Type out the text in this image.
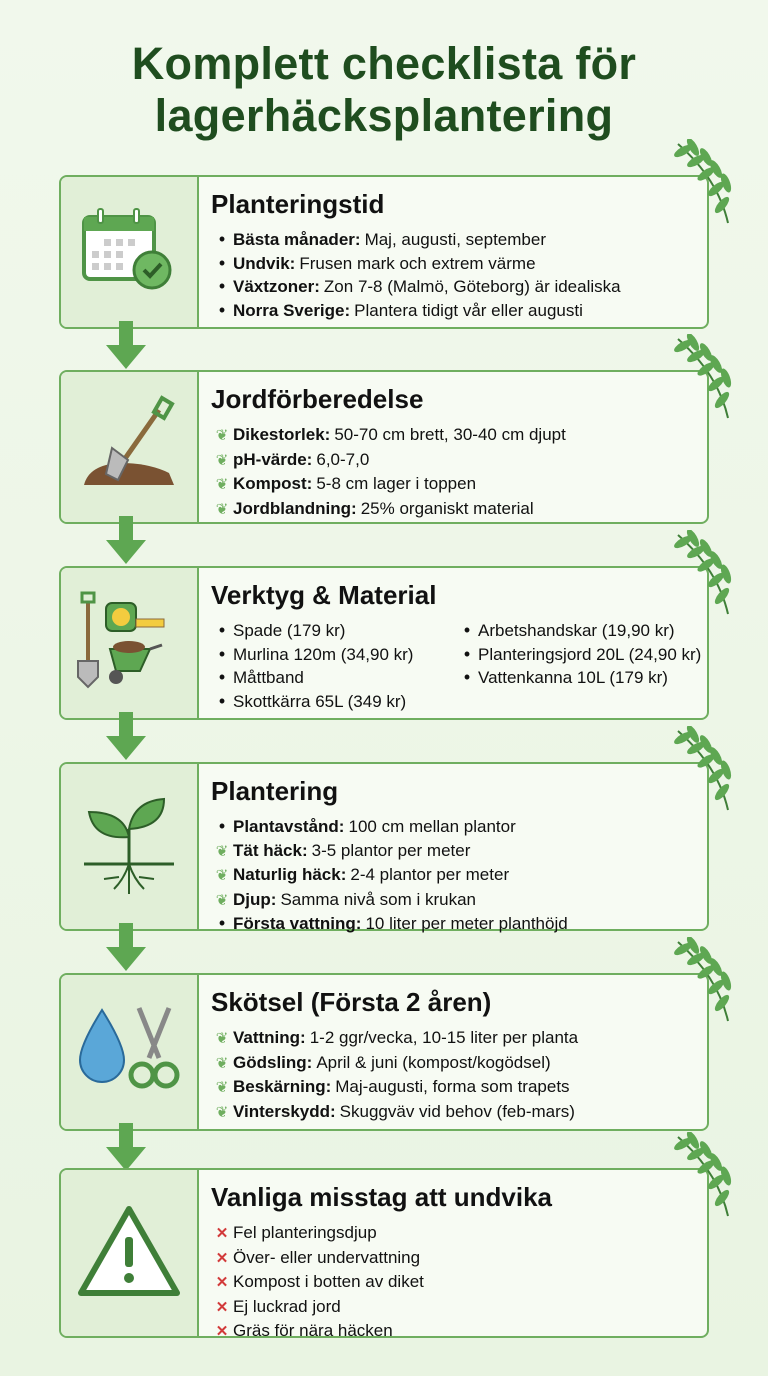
Komplett checklista för lagerhäcksplantering
Planteringstid
• Bästa månader: Maj, augusti, september
• Undvik: Frusen mark och extrem värme
• Växtzoner: Zon 7-8 (Malmö, Göteborg) är idealiska
• Norra Sverige: Plantera tidigt vår eller augusti
Jordförberedelse
❦ Dikestorlek: 50-70 cm brett, 30-40 cm djupt
❦ pH-värde: 6,0-7,0
❦ Kompost: 5-8 cm lager i toppen
❦ Jordblandning: 25% organiskt material
Verktyg & Material
• Spade (179 kr)
• Murlina 120m (34,90 kr)
• Måttband
• Skottkärra 65L (349 kr)
• Arbetshandskar (19,90 kr)
• Planteringsjord 20L (24,90 kr)
• Vattenkanna 10L (179 kr)
Plantering
• Plantavstånd: 100 cm mellan plantor
❦ Tät häck: 3-5 plantor per meter
❦ Naturlig häck: 2-4 plantor per meter
❦ Djup: Samma nivå som i krukan
• Första vattning: 10 liter per meter planthöjd
Skötsel (Första 2 åren)
❦ Vattning: 1-2 ggr/vecka, 10-15 liter per planta
❦ Gödsling: April & juni (kompost/kogödsel)
❦ Beskärning: Maj-augusti, forma som trapets
❦ Vinterskydd: Skuggväv vid behov (feb-mars)
Vanliga misstag att undvika
✕ Fel planteringsdjup
✕ Över- eller undervattning
✕ Kompost i botten av diket
✕ Ej luckrad jord
✕ Gräs för nära häcken
